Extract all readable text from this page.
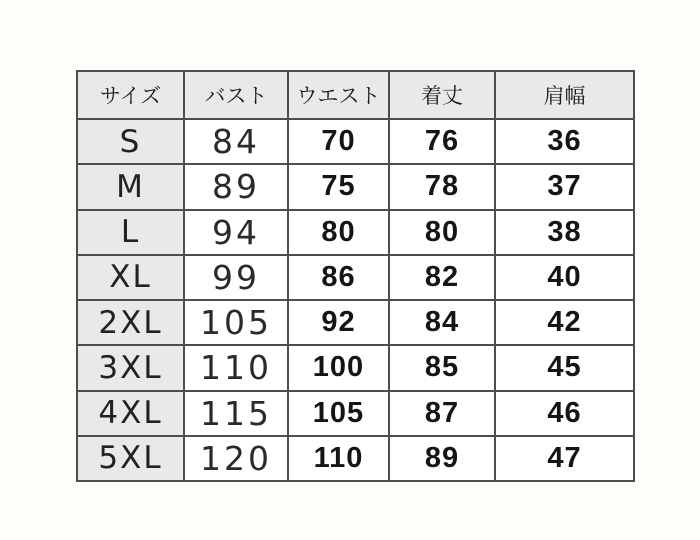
サイズ	バスト	ウエスト	着丈	肩幅
S	84	70	76	36
M	89	75	78	37
L	94	80	80	38
XL	99	86	82	40
2XL	105	92	84	42
3XL	110	100	85	45
4XL	115	105	87	46
5XL	120	110	89	47
